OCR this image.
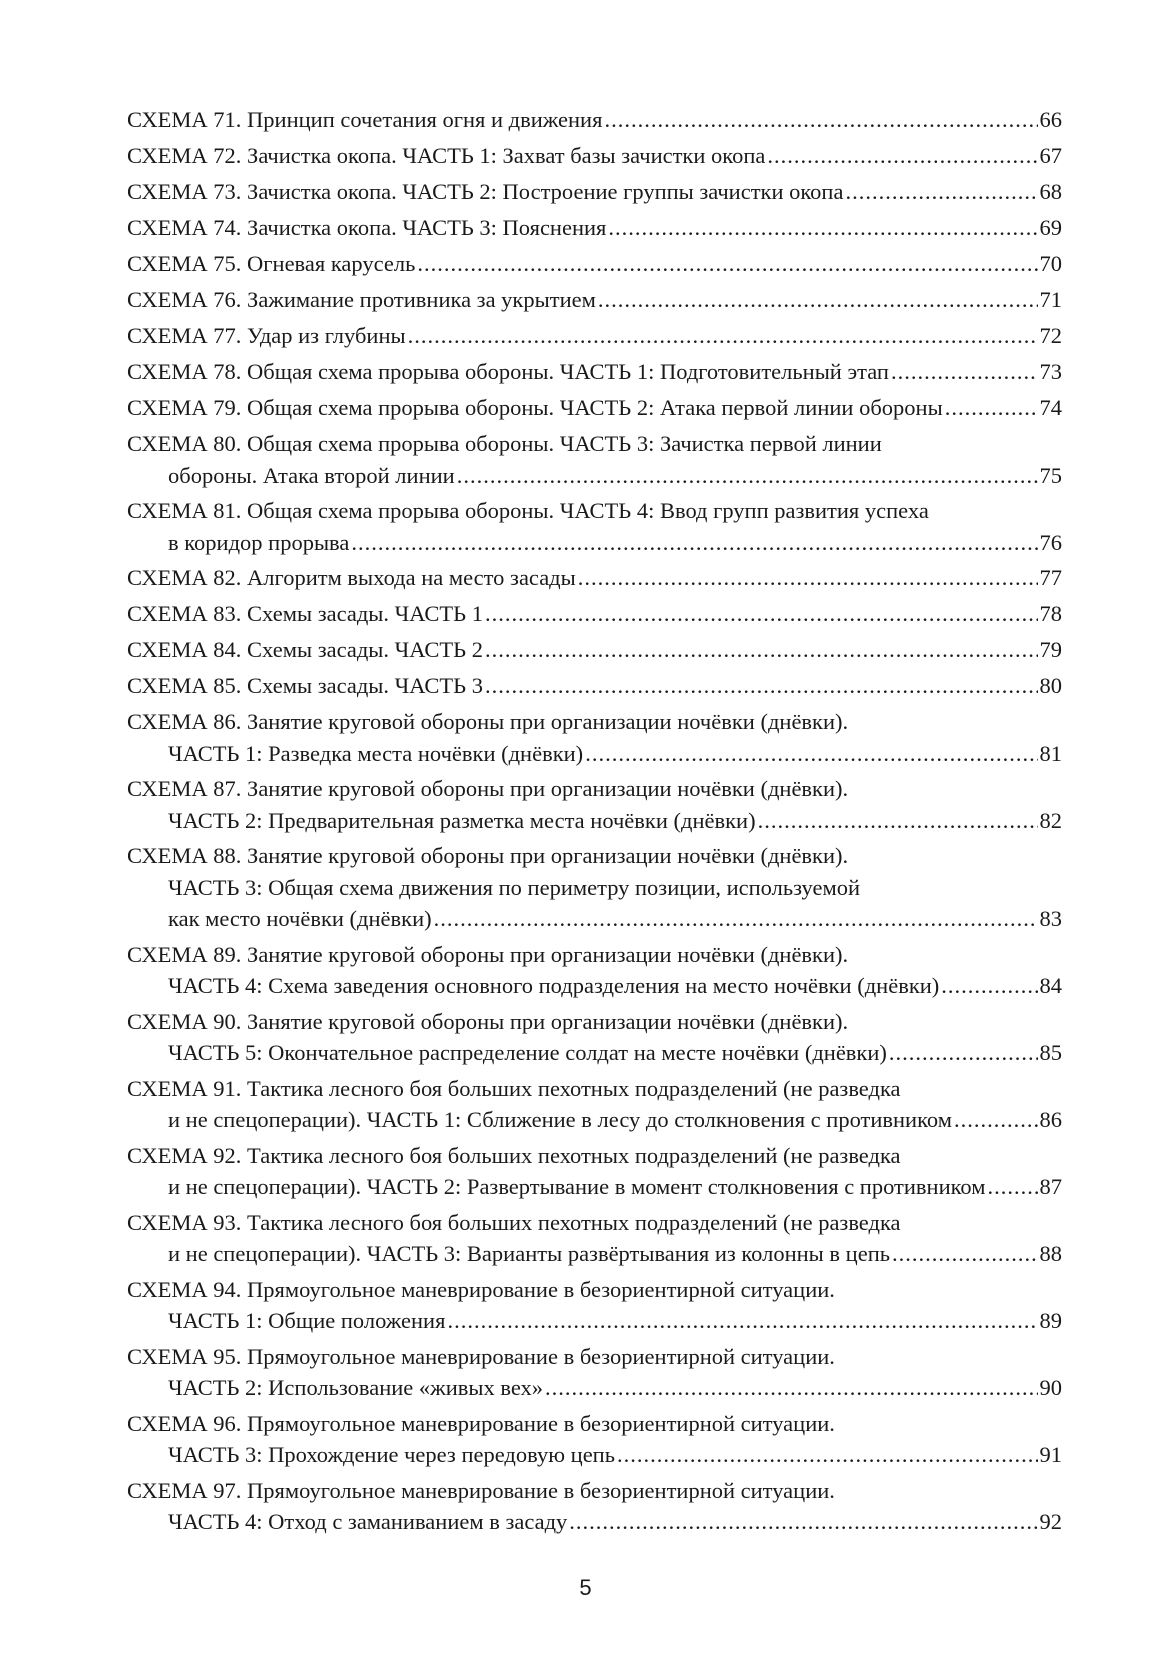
СХЕМА 71. Принцип сочетания огня и движения .....	66
СХЕМА 72. Зачистка окопа. ЧАСТЬ 1: Захват базы зачистки окопа .....	67
СХЕМА 73. Зачистка окопа. ЧАСТЬ 2: Построение группы зачистки окопа .....	68
СХЕМА 74. Зачистка окопа. ЧАСТЬ 3: Пояснения .....	69
СХЕМА 75. Огневая карусель .....	70
СХЕМА 76. Зажимание противника за укрытием .....	71
СХЕМА 77. Удар из глубины .....	72
СХЕМА 78. Общая схема прорыва обороны. ЧАСТЬ 1: Подготовительный этап .....	73
СХЕМА 79. Общая схема прорыва обороны. ЧАСТЬ 2: Атака первой линии обороны .....	74
СХЕМА 80. Общая схема прорыва обороны. ЧАСТЬ 3: Зачистка первой линии
обороны. Атака второй линии .....	75
СХЕМА 81. Общая схема прорыва обороны. ЧАСТЬ 4: Ввод групп развития успеха
в коридор прорыва .....	76
СХЕМА 82. Алгоритм выхода на место засады .....	77
СХЕМА 83. Схемы засады. ЧАСТЬ 1 .....	78
СХЕМА 84. Схемы засады. ЧАСТЬ 2 .....	79
СХЕМА 85. Схемы засады. ЧАСТЬ 3 .....	80
СХЕМА 86. Занятие круговой обороны при организации ночёвки (днёвки).
ЧАСТЬ 1: Разведка места ночёвки (днёвки) .....	81
СХЕМА 87. Занятие круговой обороны при организации ночёвки (днёвки).
ЧАСТЬ 2: Предварительная разметка места ночёвки (днёвки) .....	82
СХЕМА 88. Занятие круговой обороны при организации ночёвки (днёвки).
ЧАСТЬ 3: Общая схема движения по периметру позиции, используемой
как место ночёвки (днёвки) .....	83
СХЕМА 89. Занятие круговой обороны при организации ночёвки (днёвки).
ЧАСТЬ 4: Схема заведения основного подразделения на место ночёвки (днёвки) .....	84
СХЕМА 90. Занятие круговой обороны при организации ночёвки (днёвки).
ЧАСТЬ 5: Окончательное распределение солдат на месте ночёвки (днёвки) .....	85
СХЕМА 91. Тактика лесного боя больших пехотных подразделений (не разведка
и не спецоперации). ЧАСТЬ 1: Сближение в лесу до столкновения с противником .....	86
СХЕМА 92. Тактика лесного боя больших пехотных подразделений (не разведка
и не спецоперации). ЧАСТЬ 2: Развертывание в момент столкновения с противником ..... 87
СХЕМА 93. Тактика лесного боя больших пехотных подразделений (не разведка
и не спецоперации). ЧАСТЬ 3: Варианты развёртывания из колонны в цепь .....	88
СХЕМА 94. Прямоугольное маневрирование в безориентирной ситуации.
ЧАСТЬ 1: Общие положения .....	89
СХЕМА 95. Прямоугольное маневрирование в безориентирной ситуации.
ЧАСТЬ 2: Использование «живых вех» .....	90
СХЕМА 96. Прямоугольное маневрирование в безориентирной ситуации.
ЧАСТЬ 3: Прохождение через передовую цепь .....	91
СХЕМА 97. Прямоугольное маневрирование в безориентирной ситуации.
ЧАСТЬ 4: Отход с заманиванием в засаду .....	92
5
